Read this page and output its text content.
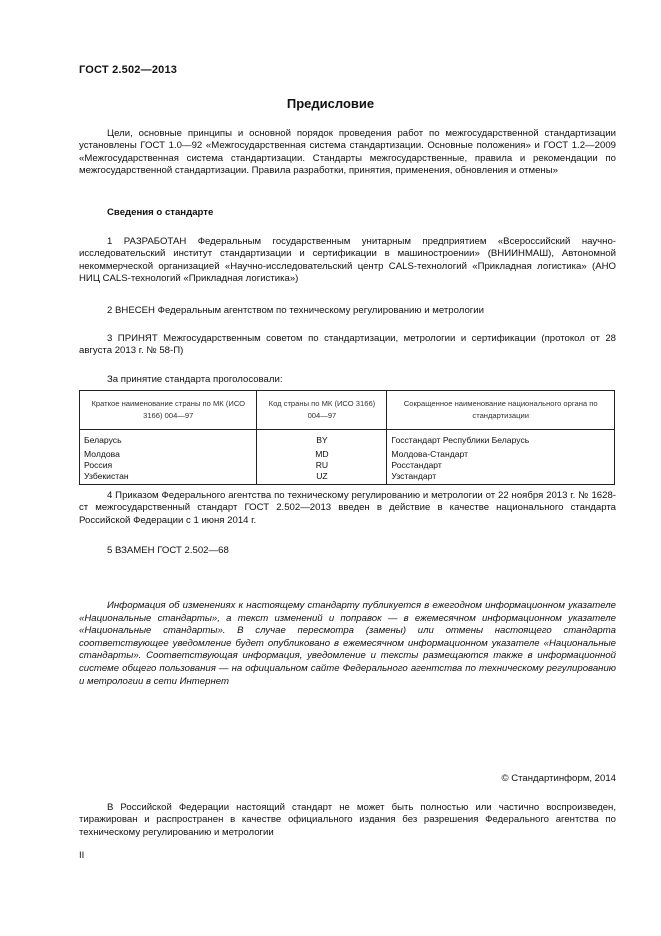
ГОСТ 2.502—2013
Предисловие
Цели, основные принципы и основной порядок проведения работ по межгосударственной стандартизации установлены ГОСТ 1.0—92 «Межгосударственная система стандартизации. Основные положения» и ГОСТ 1.2—2009 «Межгосударственная система стандартизации. Стандарты межгосударственные, правила и рекомендации по межгосударственной стандартизации. Правила разработки, принятия, применения, обновления и отмены»
Сведения о стандарте
1 РАЗРАБОТАН Федеральным государственным унитарным предприятием «Всероссийский научно-исследовательский институт стандартизации и сертификации в машиностроении» (ВНИИНМАШ), Автономной некоммерческой организацией «Научно-исследовательский центр CALS-технологий «Прикладная логистика» (АНО НИЦ CALS-технологий «Прикладная логистика»)
2 ВНЕСЕН Федеральным агентством по техническому регулированию и метрологии
3 ПРИНЯТ Межгосударственным советом по стандартизации, метрологии и сертификации (протокол от 28 августа 2013 г. № 58-П)
За принятие стандарта проголосовали:
Краткое наименование страны по МК (ИСО 3166) 004—97	Код страны по МК (ИСО 3166) 004—97	Сокращенное наименование национального органа по стандартизации
Беларусь	BY	Госстандарт Республики Беларусь
Молдова	MD	Молдова-Стандарт
Россия	RU	Росстандарт
Узбекистан	UZ	Узстандарт
4 Приказом Федерального агентства по техническому регулированию и метрологии от 22 ноября 2013 г. № 1628-ст межгосударственный стандарт ГОСТ 2.502—2013 введен в действие в качестве национального стандарта Российской Федерации с 1 июня 2014 г.
5 ВЗАМЕН ГОСТ 2.502—68
Информация об изменениях к настоящему стандарту публикуется в ежегодном информационном указателе «Национальные стандарты», а текст изменений и поправок — в ежемесячном информационном указателе «Национальные стандарты». В случае пересмотра (замены) или отмены настоящего стандарта соответствующее уведомление будет опубликовано в ежемесячном информационном указателе «Национальные стандарты». Соответствующая информация, уведомление и тексты размещаются также в информационной системе общего пользования — на официальном сайте Федерального агентства по техническому регулированию и метрологии в сети Интернет
© Стандартинформ, 2014
В Российской Федерации настоящий стандарт не может быть полностью или частично воспроизведен, тиражирован и распространен в качестве официального издания без разрешения Федерального агентства по техническому регулированию и метрологии
II
